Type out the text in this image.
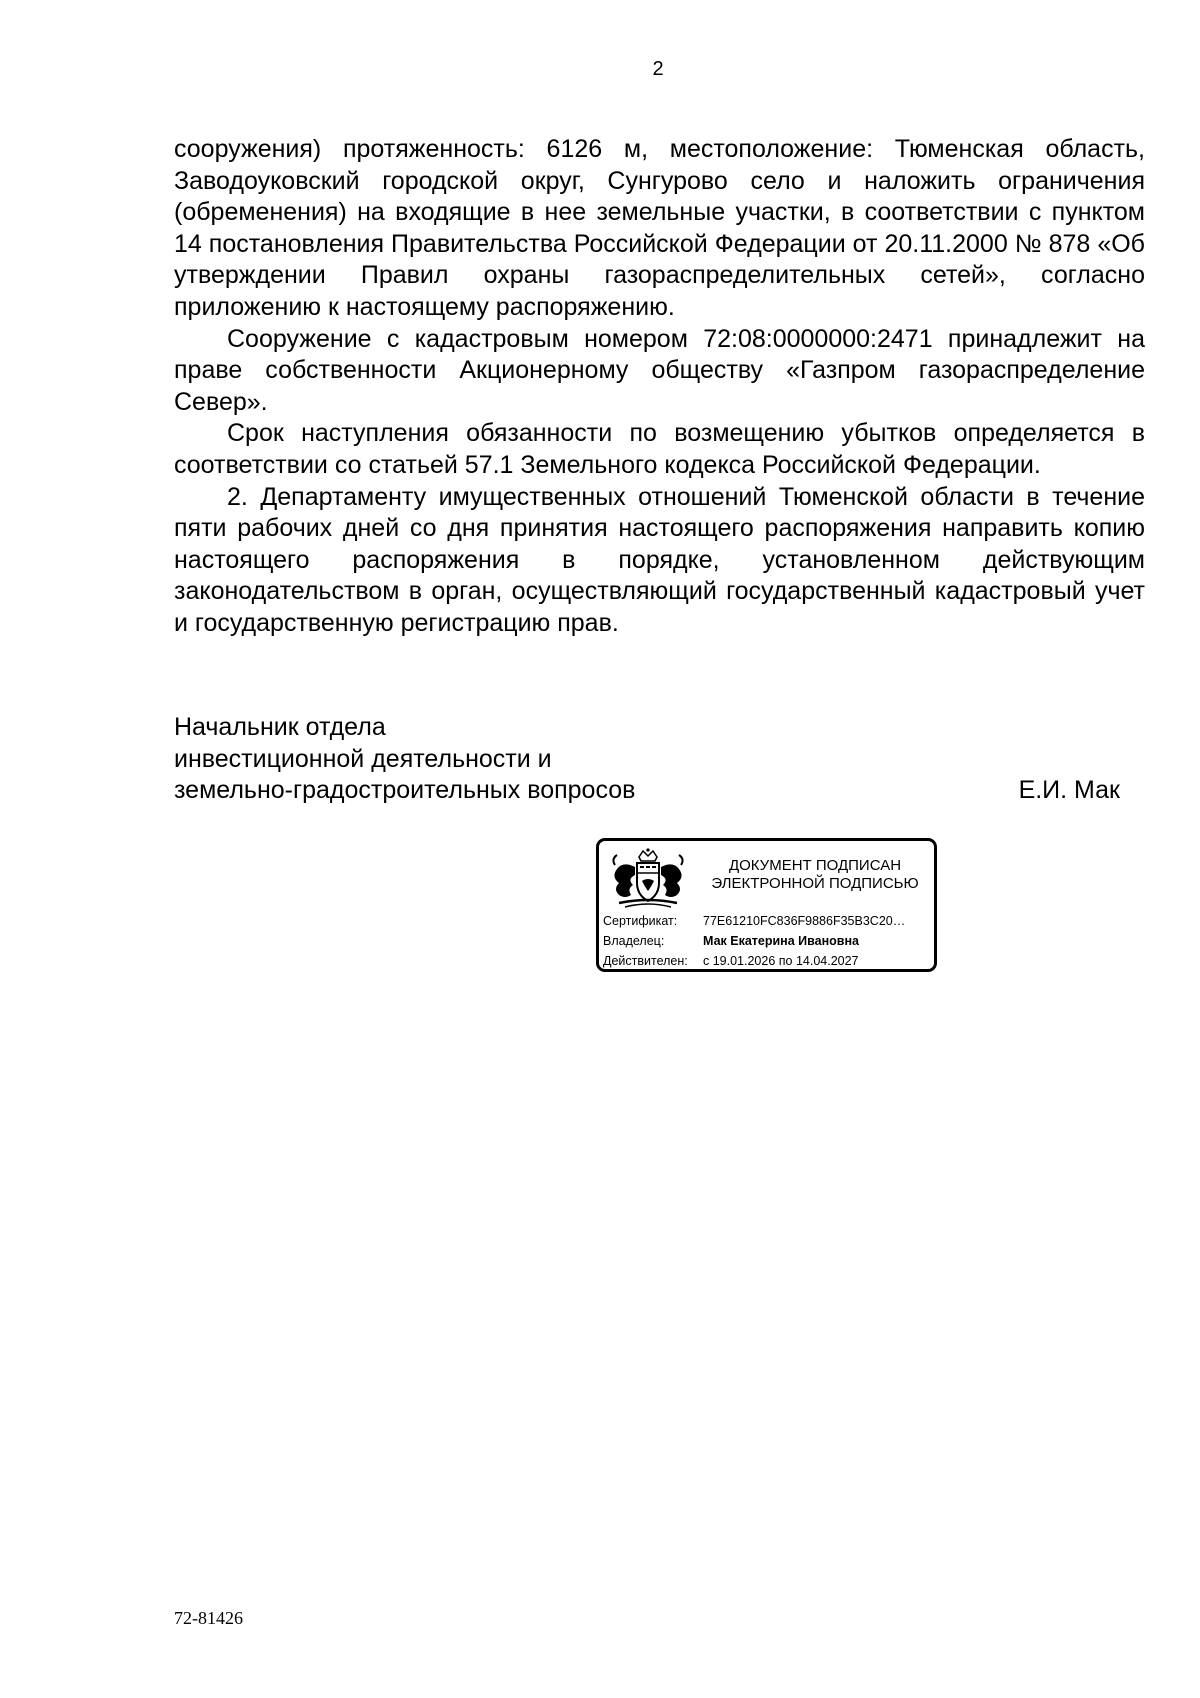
2

сооружения) протяженность: 6126 м, местоположение: Тюменская область, Заводоуковский городской округ, Сунгурово село и наложить ограничения (обременения) на входящие в нее земельные участки, в соответствии с пунктом 14 постановления Правительства Российской Федерации от 20.11.2000 № 878 «Об утверждении Правил охраны газораспределительных сетей», согласно приложению к настоящему распоряжению.

Сооружение с кадастровым номером 72:08:0000000:2471 принадлежит на праве собственности Акционерному обществу «Газпром газораспределение Север».

Срок наступления обязанности по возмещению убытков определяется в соответствии со статьей 57.1 Земельного кодекса Российской Федерации.

2. Департаменту имущественных отношений Тюменской области в течение пяти рабочих дней со дня принятия настоящего распоряжения направить копию настоящего распоряжения в порядке, установленном действующим законодательством в орган, осуществляющий государственный кадастровый учет и государственную регистрацию прав.

Начальник отдела
инвестиционной деятельности и
земельно-градостроительных вопросов	Е.И. Мак
ДОКУМЕНТ ПОДПИСАН
ЭЛЕКТРОННОЙ ПОДПИСЬЮ
Сертификат: 77E61210FC836F9886F35B3C20…
Владелец:	Мак Екатерина Ивановна
Действителен: с 19.01.2026 по 14.04.2027
72-81426
